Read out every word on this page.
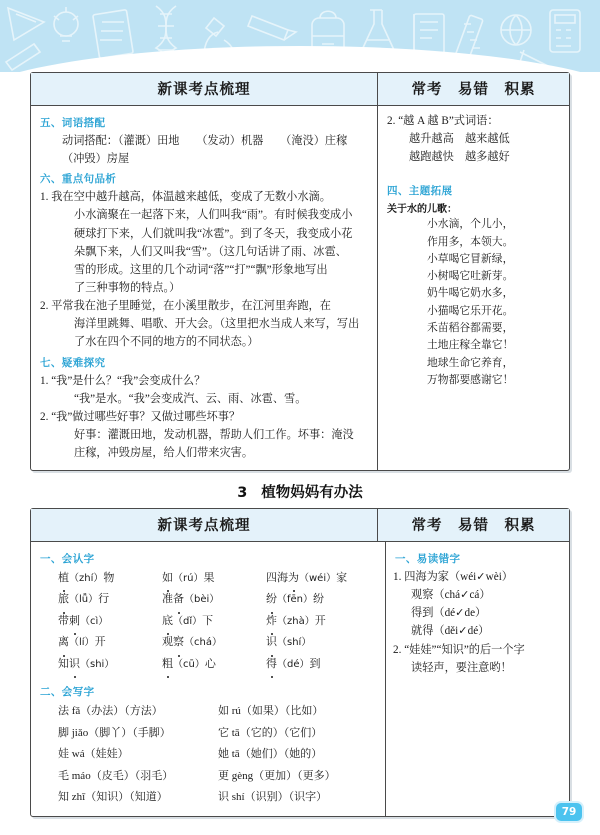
新课考点梳理	常考　易错　积累
五、词语搭配
动词搭配：（灌溉）田地　　（发动）机器　　（淹没）庄稼
（冲毁）房屋
六、重点句品析
1. 我在空中越升越高，体温越来越低，变成了无数小水滴。
小水滴聚在一起落下来，人们叫我“雨”。有时候我变成小
硬球打下来，人们就叫我“冰雹”。到了冬天，我变成小花
朵飘下来，人们又叫我“雪”。（这几句话讲了雨、冰雹、
雪的形成。这里的几个动词“落”“打”“飘”形象地写出
了三种事物的特点。）
2. 平常我在池子里睡觉，在小溪里散步，在江河里奔跑，在
海洋里跳舞、唱歌、开大会。（这里把水当成人来写，写出
了水在四个不同的地方的不同状态。）
七、疑难探究
1. “我”是什么？“我”会变成什么？
“我”是水。“我”会变成汽、云、雨、冰雹、雪。
2. “我”做过哪些好事？又做过哪些坏事？
好事：灌溉田地，发动机器，帮助人们工作。坏事：淹没
庄稼，冲毁房屋，给人们带来灾害。
2. “越 A 越 B”式词语：
越升越高　越来越低
越跑越快　越多越好
四、主题拓展
关于水的儿歌：
小水滴，个儿小，
作用多，本领大。
小草喝它冒新绿，
小树喝它吐新芽。
奶牛喝它奶水多，
小猫喝它乐开花。
禾苗稻谷都需要，
土地庄稼全靠它！
地球生命它养育，
万物都要感谢它！
3 植物妈妈有办法
新课考点梳理	常考　易错　积累
一、会认字
植（zhí）物	如（rú）果	四海为（wéi）家
旅（lǚ）行	准备（bèi）	纷（fēn）纷
带刺（cì）	底（dǐ）下	炸（zhà）开
离（lí）开	观察（chá）	识（shí）
知识（shi）	粗（cū）心	得（dé）到
二、会写字
法 fǎ（办法）（方法）	如 rú（如果）（比如）
脚 jiǎo（脚丫）（手脚）	它 tā（它的）（它们）
娃 wá（娃娃）	她 tā（她们）（她的）
毛 máo（皮毛）（羽毛）	更 gèng（更加）（更多）
知 zhī（知识）（知道）	识 shí（识别）（识字）
一、易读错字
1. 四海为家（wéi✓wèi）
观察（chá✓cá）
得到（dé✓de）
就得（děi✓dé）
2. “娃娃”“知识”的后一个字
读轻声，要注意哟！
79
